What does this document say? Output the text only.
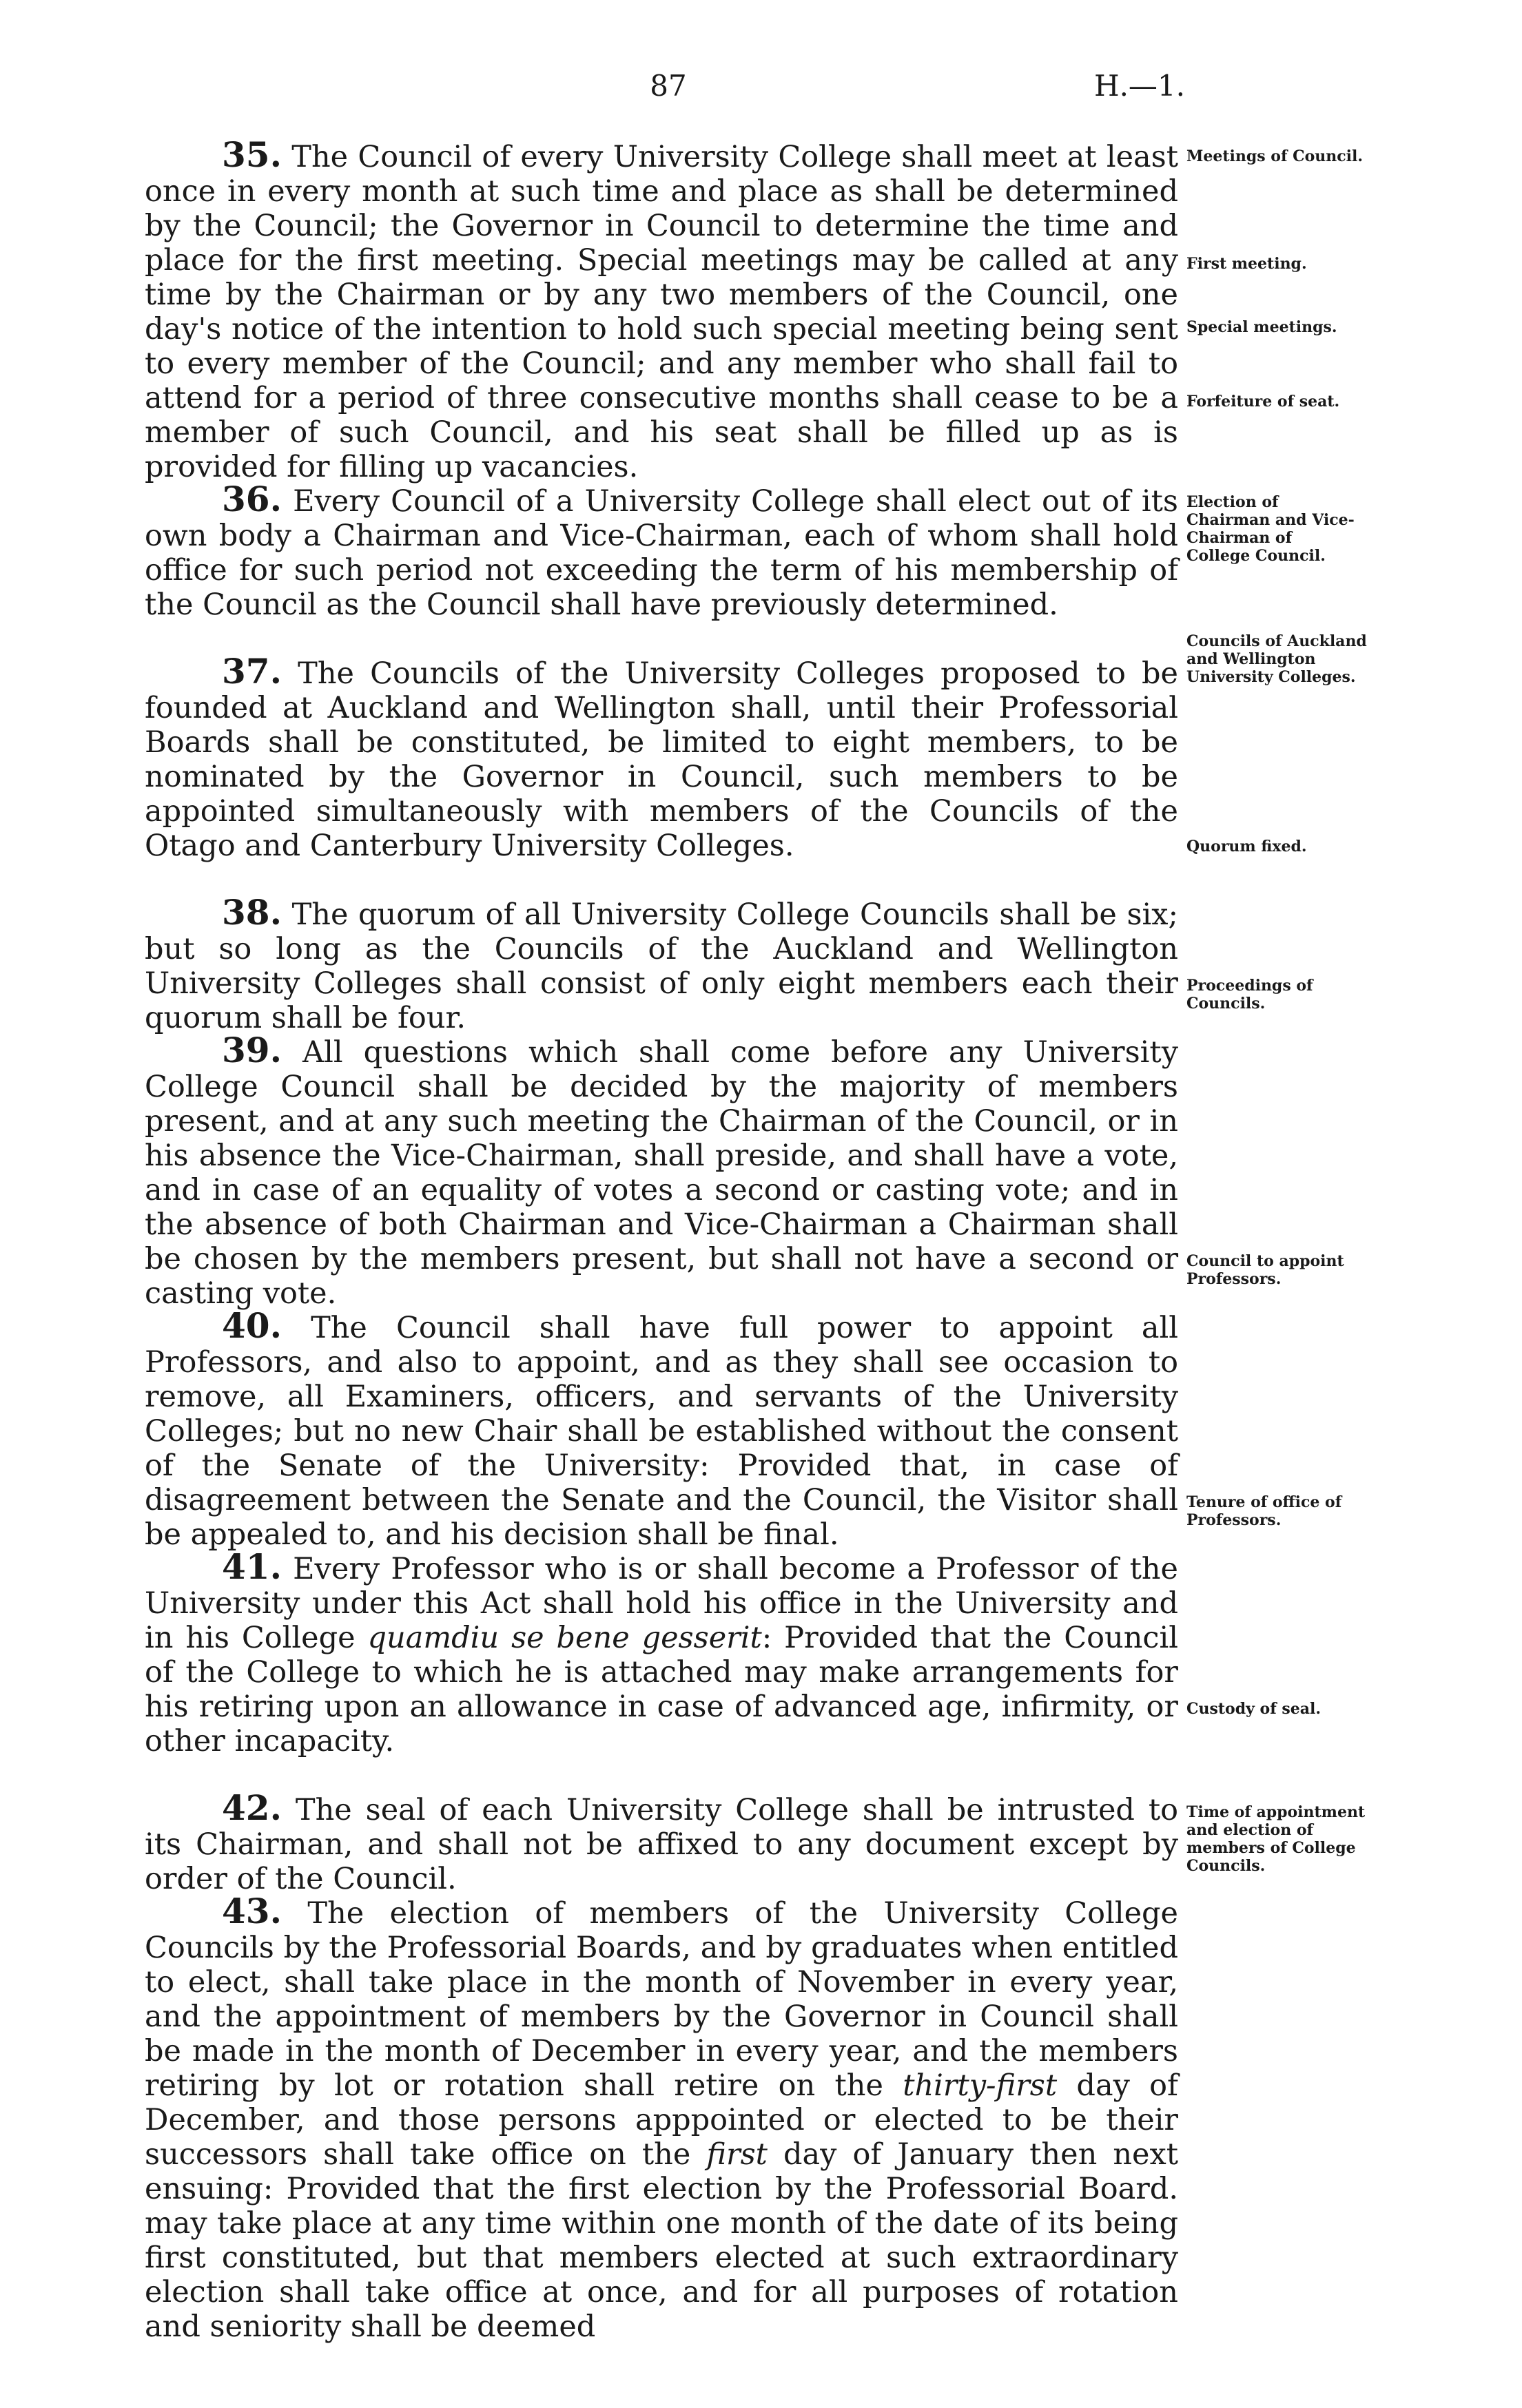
87	H.—1.

35. The Council of every University College shall meet at least once in every month at such time and place as shall be determined by the Council; the Governor in Council to determine the time and place for the first meeting. Special meetings may be called at any time by the Chairman or by any two members of the Council, one day's notice of the intention to hold such special meeting being sent to every member of the Council; and any member who shall fail to attend for a period of three consecutive months shall cease to be a member of such Council, and his seat shall be filled up as is provided for filling up vacancies.

36. Every Council of a University College shall elect out of its own body a Chairman and Vice-Chairman, each of whom shall hold office for such period not exceeding the term of his membership of the Council as the Council shall have previously determined.

37. The Councils of the University Colleges proposed to be founded at Auckland and Wellington shall, until their Professorial Boards shall be constituted, be limited to eight members, to be nominated by the Governor in Council, such members to be appointed simultaneously with members of the Councils of the Otago and Canterbury University Colleges.

38. The quorum of all University College Councils shall be six; but so long as the Councils of the Auckland and Wellington University Colleges shall consist of only eight members each their quorum shall be four.

39. All questions which shall come before any University College Council shall be decided by the majority of members present, and at any such meeting the Chairman of the Council, or in his absence the Vice-Chairman, shall preside, and shall have a vote, and in case of an equality of votes a second or casting vote; and in the absence of both Chairman and Vice-Chairman a Chairman shall be chosen by the members present, but shall not have a second or casting vote.

40. The Council shall have full power to appoint all Professors, and also to appoint, and as they shall see occasion to remove, all Examiners, officers, and servants of the University Colleges; but no new Chair shall be established without the consent of the Senate of the University: Provided that, in case of disagreement between the Senate and the Council, the Visitor shall be appealed to, and his decision shall be final.

41. Every Professor who is or shall become a Professor of the University under this Act shall hold his office in the University and in his College quamdiu se bene gesserit: Provided that the Council of the College to which he is attached may make arrangements for his retiring upon an allowance in case of advanced age, infirmity, or other incapacity.

42. The seal of each University College shall be intrusted to its Chairman, and shall not be affixed to any document except by order of the Council.

43. The election of members of the University College Councils by the Professorial Boards, and by graduates when entitled to elect, shall take place in the month of November in every year, and the appointment of members by the Governor in Council shall be made in the month of December in every year, and the members retiring by lot or rotation shall retire on the thirty-first day of December, and those persons apppointed or elected to be their successors shall take office on the first day of January then next ensuing: Provided that the first election by the Professorial Board. may take place at any time within one month of the date of its being first constituted, but that members elected at such extraordinary election shall take office at once, and for all purposes of rotation and seniority shall be deemed

Meetings of Council.
First meeting.
Special meetings.
Forfeiture of seat.
Election of Chairman and Vice-Chairman of College Council.
Councils of Auckland and Wellington University Colleges.
Quorum fixed.
Proceedings of Councils.
Council to appoint Professors.
Tenure of office of Professors.
Custody of seal.
Time of appointment and election of members of College Councils.
